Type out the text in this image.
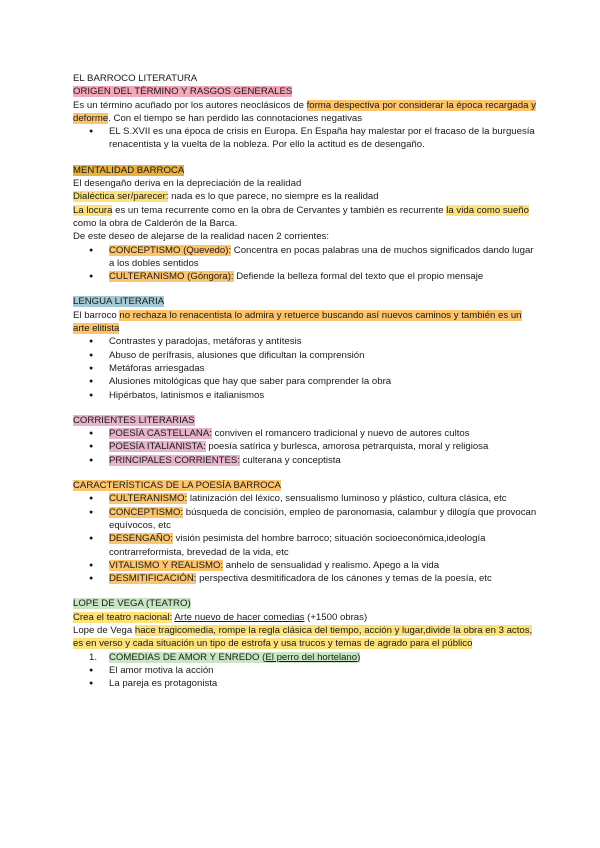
EL BARROCO LITERATURA

ORIGEN DEL TÉRMINO Y RASGOS GENERALES

Es un término acuñado por los autores neoclásicos de forma despectiva por considerar la época recargada y deforme. Con el tiempo se han perdido las connotaciones negativas

● EL S.XVII es una época de crisis en Europa. En España hay malestar por el fracaso de la burguesía renacentista y la vuelta de la nobleza. Por ello la actitud es de desengaño.

MENTALIDAD BARROCA

El desengaño deriva en la depreciación de la realidad

Dialéctica ser/parecer: nada es lo que parece, no siempre es la realidad

La locura es un tema recurrente como en la obra de Cervantes y también es recurrente la vida como sueño como la obra de Calderón de la Barca.

De este deseo de alejarse de la realidad nacen 2 corrientes:

● CONCEPTISMO (Quevedo): Concentra en pocas palabras una de muchos significados dando lugar a los dobles sentidos
● CULTERANISMO (Góngora): Defiende la belleza formal del texto que el propio mensaje

LENGUA LITERARIA

El barroco no rechaza lo renacentista lo admira y retuerce buscando así nuevos caminos y también es un arte elitista

● Contrastes y paradojas, metáforas y antítesis
● Abuso de perífrasis, alusiones que dificultan la comprensión
● Metáforas arriesgadas
● Alusiones mitológicas que hay que saber para comprender la obra
● Hipérbatos, latinismos e italianismos

CORRIENTES LITERARIAS

● POESÍA CASTELLANA: conviven el romancero tradicional y nuevo de autores cultos
● POESÍA ITALIANISTA: poesía satírica y burlesca, amorosa petrarquista, moral y religiosa
● PRINCIPALES CORRIENTES: culterana y conceptista

CARACTERÍSTICAS DE LA POESÍA BARROCA

● CULTERANISMO: latinización del léxico, sensualismo luminoso y plástico, cultura clásica, etc
● CONCEPTISMO: búsqueda de concisión, empleo de paronomasia, calambur y dilogía que provocan equívocos, etc
● DESENGAÑO: visión pesimista del hombre barroco; situación socioeconómica,ideología contrarreformista, brevedad de la vida, etc
● VITALISMO Y REALISMO: anhelo de sensualidad y realismo. Apego a la vida
● DESMITIFICACIÓN: perspectiva desmitificadora de los cánones y temas de la poesía, etc

LOPE DE VEGA (TEATRO)

Crea el teatro nacional: Arte nuevo de hacer comedias (+1500 obras)

Lope de Vega hace tragicomedia, rompe la regla clásica del tiempo, acción y lugar,divide la obra en 3 actos, es en verso y cada situación un tipo de estrofa y usa trucos y temas de agrado para el público

1. COMEDIAS DE AMOR Y ENREDO (El perro del hortelano)
● El amor motiva la acción
● La pareja es protagonista
